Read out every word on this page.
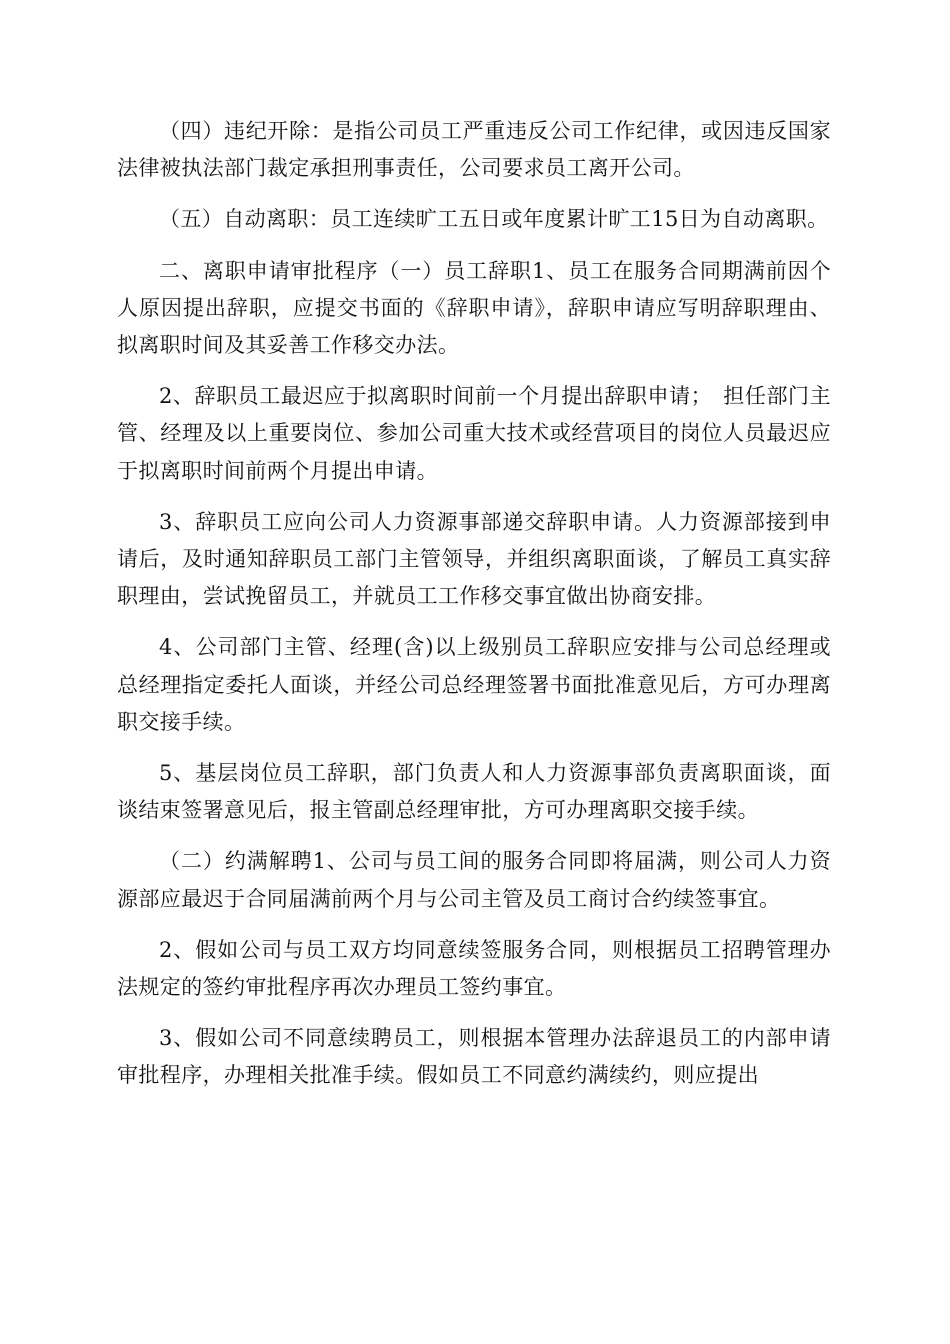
（四）违纪开除：是指公司员工严重违反公司工作纪律，或因违反国家法律被执法部门裁定承担刑事责任，公司要求员工离开公司。

（五）自动离职：员工连续旷工五日或年度累计旷工15日为自动离职。

二、离职申请审批程序（一）员工辞职1、员工在服务合同期满前因个人原因提出辞职，应提交书面的《辞职申请》，辞职申请应写明辞职理由、拟离职时间及其妥善工作移交办法。

2、辞职员工最迟应于拟离职时间前一个月提出辞职申请；　担任部门主管、经理及以上重要岗位、参加公司重大技术或经营项目的岗位人员最迟应于拟离职时间前两个月提出申请。

3、辞职员工应向公司人力资源事部递交辞职申请。人力资源部接到申请后，及时通知辞职员工部门主管领导，并组织离职面谈，了解员工真实辞职理由，尝试挽留员工，并就员工工作移交事宜做出协商安排。

4、公司部门主管、经理(含)以上级别员工辞职应安排与公司总经理或总经理指定委托人面谈，并经公司总经理签署书面批准意见后，方可办理离职交接手续。

5、基层岗位员工辞职，部门负责人和人力资源事部负责离职面谈，面谈结束签署意见后，报主管副总经理审批，方可办理离职交接手续。

（二）约满解聘1、公司与员工间的服务合同即将届满，则公司人力资源部应最迟于合同届满前两个月与公司主管及员工商讨合约续签事宜。

2、假如公司与员工双方均同意续签服务合同，则根据员工招聘管理办法规定的签约审批程序再次办理员工签约事宜。

3、假如公司不同意续聘员工，则根据本管理办法辞退员工的内部申请审批程序，办理相关批准手续。假如员工不同意约满续约，则应提出
